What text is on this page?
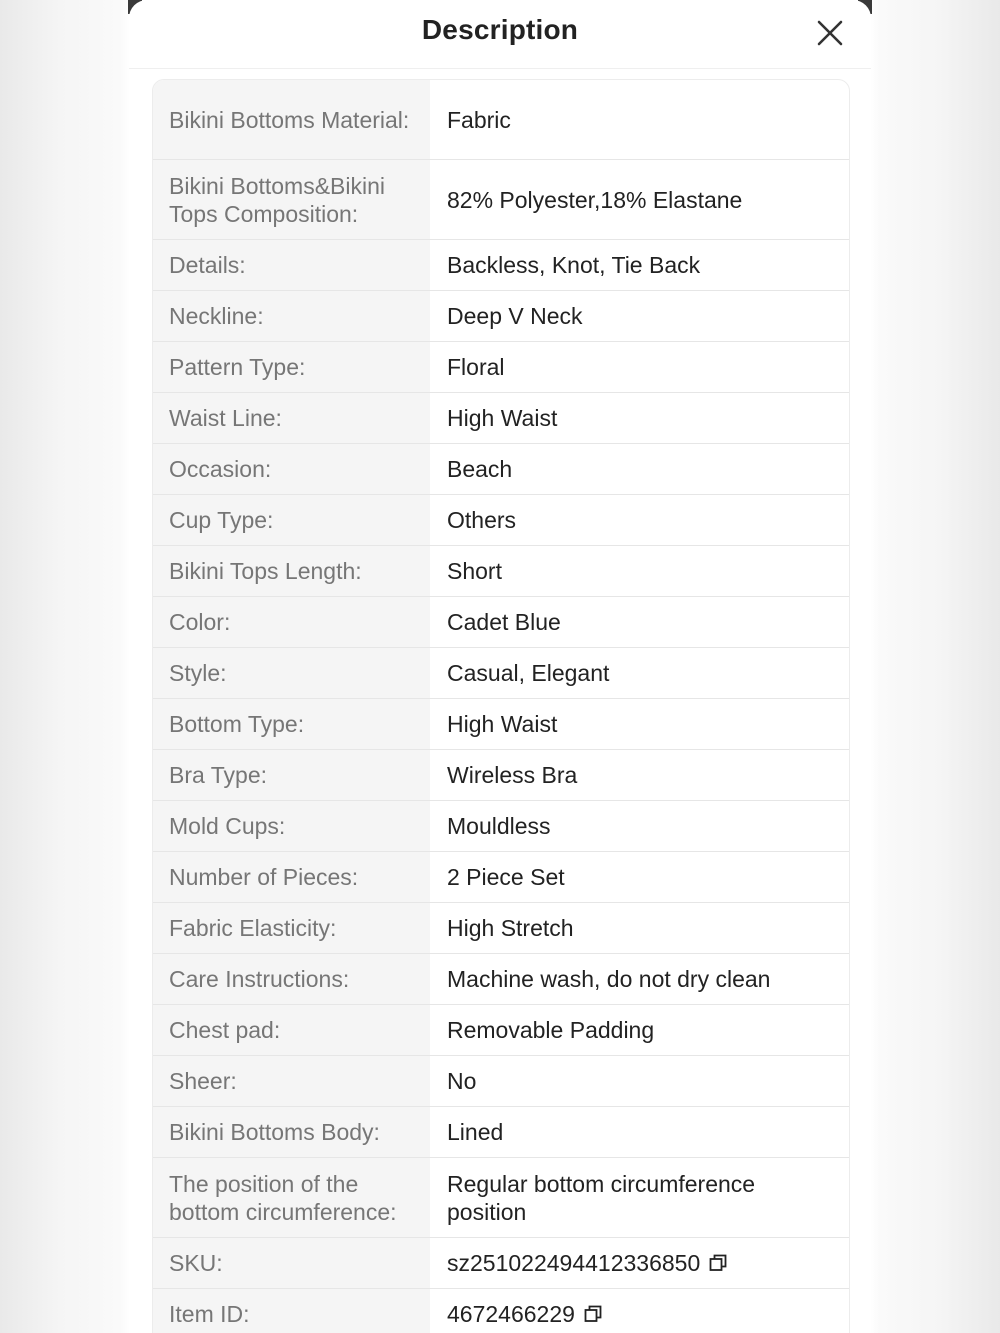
Description
Bikini Bottoms Material:	Fabric
Bikini Bottoms&Bikini Tops Composition:
82% Polyester,18% Elastane
Details:	Backless, Knot, Tie Back
Neckline:	Deep V Neck
Pattern Type:	Floral
Waist Line:	High Waist
Occasion:	Beach
Cup Type:	Others
Bikini Tops Length:	Short
Color:	Cadet Blue
Style:	Casual, Elegant
Bottom Type:	High Waist
Bra Type:	Wireless Bra
Mold Cups:	Mouldless
Number of Pieces:	2 Piece Set
Fabric Elasticity:	High Stretch
Care Instructions:	Machine wash, do not dry clean
Chest pad:	Removable Padding
Sheer:	No
Bikini Bottoms Body:	Lined
The position of the bottom circumference:
Regular bottom circumference position
SKU:	sz2510224944123368​50
Item ID:	4672466229
